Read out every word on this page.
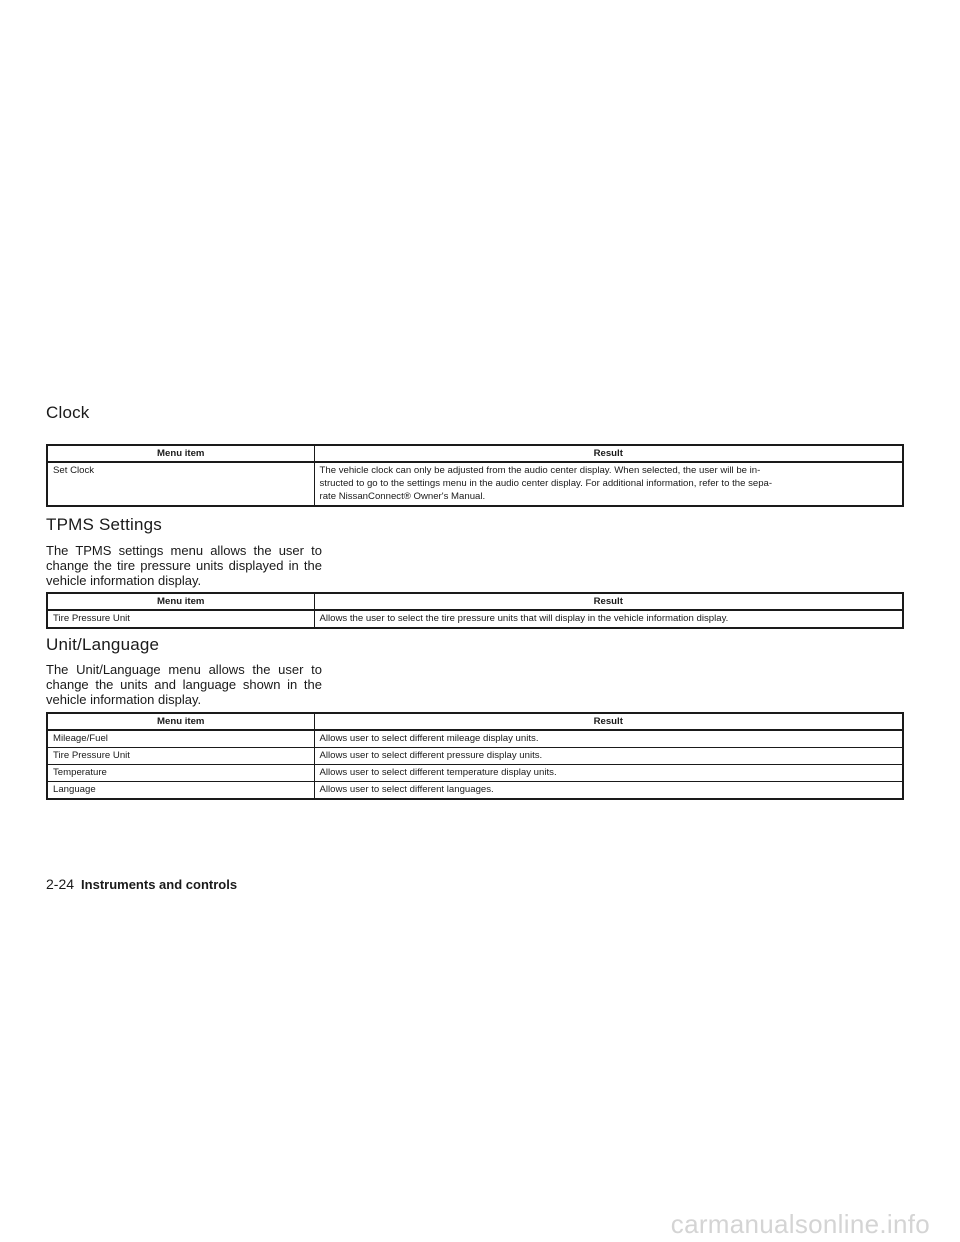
Clock
Menu item	Result
Set Clock	The vehicle clock can only be adjusted from the audio center display. When selected, the user will be in-
structed to go to the settings menu in the audio center display. For additional information, refer to the sepa-
rate NissanConnect® Owner's Manual.
TPMS Settings

The TPMS settings menu allows the user to change the tire pressure units displayed in the vehicle information display.

Menu item	Result
Tire Pressure Unit	Allows the user to select the tire pressure units that will display in the vehicle information display.
Unit/Language

The Unit/Language menu allows the user to change the units and language shown in the vehicle information display.

Menu item	Result
Mileage/Fuel	Allows user to select different mileage display units.
Tire Pressure Unit	Allows user to select different pressure display units.
Temperature	Allows user to select different temperature display units.
Language	Allows user to select different languages.
2-24 Instruments and controls
carmanualsonline.info
